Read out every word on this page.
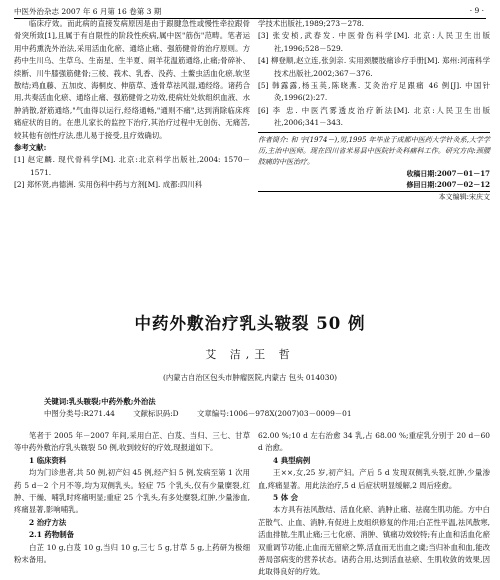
中医外治杂志 2007 年 6 月第 16 卷第 3 期	· 9 ·

临床疗效。而此病的直接发病原因是由于跟腱急性或慢性牵拉跟骨骨突所致[1],且属于有自限性的阶段性疾病,属中医"筋伤"范畴。笔者运用中药熏洗外治法,采用活血化瘀、通络止痛、强筋健骨的治疗原则。方药中生川乌、生草乌、生南星、生半夏、闹羊花温筋通络,止痛;骨碎补、续断、川牛膝强筋健骨;三棱、莪术、乳香、没药、土鳖虫活血化瘀,软坚散结;鸡血藤、五加皮、海桐皮、伸筋草、透骨草祛风湿,通经络。诸药合用,共奏活血化瘀、通络止痛、强筋健骨之功效,使病灶处软组织血液、水肿消散,舒筋通络,"气血得以运行,经络通畅,"通则不痛",达到消除临床疼痛症状的目的。在患儿家长的监控下治疗,其治疗过程中无创伤、无痛苦,较其他有创性疗法,患儿易于接受,且疗效确切。

参考文献:

[1] 赵定麟. 现代骨科学[M]. 北京:北京科学出版社,2004: 1570－1571.

[2] 郑怀贤,冉德洲. 实用伤科中药与方剂[M]. 成都:四川科

学技术出版社,1989;273－278.

[3] 张安桢,武春发. 中医骨伤科学[M]. 北京:人民卫生出版社,1996;528－529.

[4] 柳登顺,赵立连,张剑亲. 实用颈腰肢痛诊疗手册[M]. 郑州:河南科学技术出版社,2002;367－376.

[5] 韩露露,杨玉英,陈晓燕. 艾灸治疗足跟痛 46 例[J]. 中国针灸,1996(2):27.

[6] 李 忠. 中医汽雾透皮治疗新法[M]. 北京:人民卫生出版社,2006;341－343.

作者简介: 和 宇(1974－),男,1995 年毕业于成都中医药大学针灸系,大学学历,主治中医师。现在四川省米易县中医院针灸科痛科工作。研究方向:颈腰肢痛的中医治疗。

收稿日期:2007－01－17
修回日期:2007－02－12
本文编辑:宋庆文
中药外敷治疗乳头皲裂 50 例
艾 洁,王 哲
(内蒙古自治区包头市肿瘤医院,内蒙古 包头 014030)
关键词:乳头皲裂;中药外敷;外治法
中图分类号:R271.44 文献标识码:D 文章编号:1006－978X(2007)03－0009－01

笔者于 2005 年－2007 年间,采用白芷、白芨、当归、三七、甘草等中药外敷治疗乳头皲裂 50 例,收到较好的疗效,现报道如下。

1 临床资料

均为门诊患者,共 50 例,初产妇 45 例,经产妇 5 例,发病至第 1 次用药 5 d－2 个月不等,均为双侧乳头。轻症 75 个乳头,仅有少量糜裂,红肿、干燥、哺乳时疼痛明显;重症 25 个乳头,有多处糜裂,红肿,少量渗血,疼痛显著,影响哺乳。

2 治疗方法

2.1 药物制备

白芷 10 g,白芨 10 g,当归 10 g,三七 5 g,甘草 5 g,上药研为极细粉末备用。

62.00 %;10 d 左右治愈 34 乳,占 68.00 %;重症乳分别于 20 d－60 d 治愈。

4 典型病例

王××,女,25 岁,初产妇。产后 5 d 发现双侧乳头裂,红肿,少量渗血,疼痛显著。用此法治疗,5 d 后症状明显缓解,2 周后痊愈。

5 体 会

本方具有祛风散结、活血化瘀、消肿止痛、祛腐生肌功能。方中白芷散气、止血、消肿,有促进上皮组织修复的作用;白芷性平温,祛风散寒,活血排脓,生肌止痛;三七化瘀、消肿、镇痛功效较特;有止血和活血化瘀双重调节功能,止血而无留瘀之弊,活血而无出血之虞;当归补血和血,能改善局部病变的营养状态。诸药合用,达到活血祛瘀、生肌收敛的效果,因此取得良好的疗效。
